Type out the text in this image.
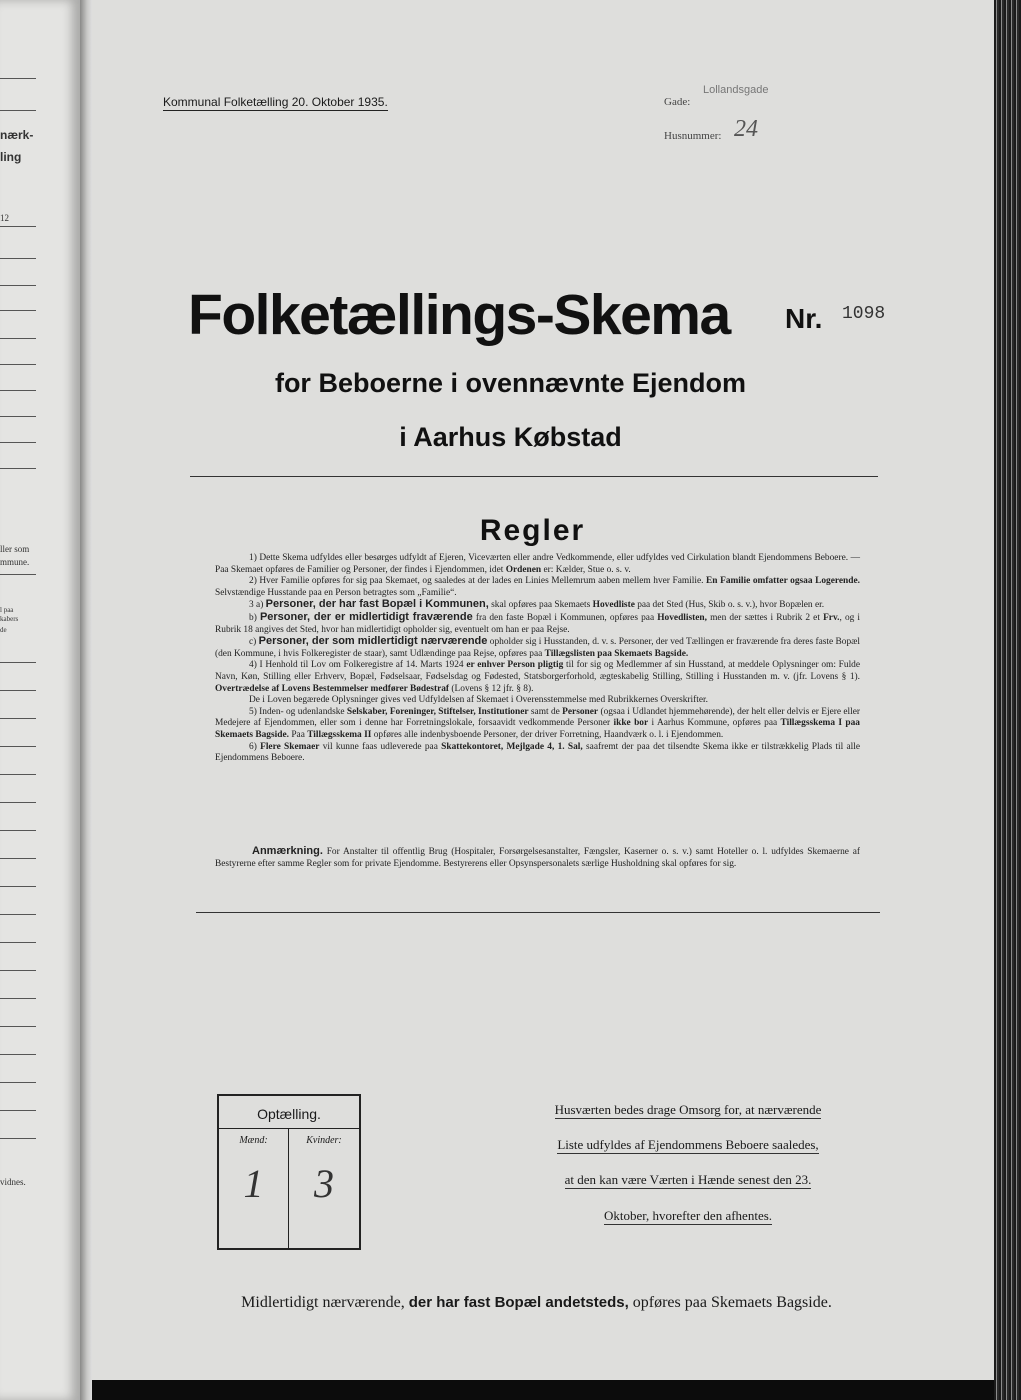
nærk-
ling
12
ller som
mmune.
l paa
kabers
de
vidnes.
Kommunal Folketælling 20. Oktober 1935.	Gade:
Lollandsgade
Husnummer: 24
Folketællings-Skema Nr. 1098
for Beboerne i ovennævnte Ejendom
i Aarhus Købstad
Regler

1) Dette Skema udfyldes eller besørges udfyldt af Ejeren, Viceværten eller andre Vedkommende, eller udfyldes ved Cirkulation blandt Ejendommens Beboere. — Paa Skemaet opføres de Familier og Personer, der findes i Ejendommen, idet Ordenen er: Kælder, Stue o. s. v.

2) Hver Familie opføres for sig paa Skemaet, og saaledes at der lades en Linies Mellemrum aaben mellem hver Familie. En Familie omfatter ogsaa Logerende. Selvstændige Husstande paa en Person betragtes som „Familie“.

3 a) Personer, der har fast Bopæl i Kommunen, skal opføres paa Skemaets Hovedliste paa det Sted (Hus, Skib o. s. v.), hvor Bopælen er.

b) Personer, der er midlertidigt fraværende fra den faste Bopæl i Kommunen, opføres paa Hovedlisten, men der sættes i Rubrik 2 et Frv., og i Rubrik 18 angives det Sted, hvor han midlertidigt opholder sig, eventuelt om han er paa Rejse.

c) Personer, der som midlertidigt nærværende opholder sig i Husstanden, d. v. s. Personer, der ved Tællingen er fraværende fra deres faste Bopæl (den Kommune, i hvis Folkeregister de staar), samt Udlændinge paa Rejse, opføres paa Tillægslisten paa Skemaets Bagside.

4) I Henhold til Lov om Folkeregistre af 14. Marts 1924 er enhver Person pligtig til for sig og Medlemmer af sin Husstand, at meddele Oplysninger om: Fulde Navn, Køn, Stilling eller Erhverv, Bopæl, Fødselsaar, Fødselsdag og Fødested, Statsborgerforhold, ægteskabelig Stilling, Stilling i Husstanden m. v. (jfr. Lovens § 1). Overtrædelse af Lovens Bestemmelser medfører Bødestraf (Lovens § 12 jfr. § 8).

De i Loven begærede Oplysninger gives ved Udfyldelsen af Skemaet i Overensstemmelse med Rubrikkernes Overskrifter.

5) Inden- og udenlandske Selskaber, Foreninger, Stiftelser, Institutioner samt de Personer (ogsaa i Udlandet hjemmehørende), der helt eller delvis er Ejere eller Medejere af Ejendommen, eller som i denne har Forretningslokale, forsaavidt vedkommende Personer ikke bor i Aarhus Kommune, opføres paa Tillægsskema I paa Skemaets Bagside. Paa Tillægsskema II opføres alle indenbysboende Personer, der driver Forretning, Haandværk o. l. i Ejendommen.

6) Flere Skemaer vil kunne faas udleverede paa Skattekontoret, Mejlgade 4, 1. Sal, saafremt der paa det tilsendte Skema ikke er tilstrækkelig Plads til alle Ejendommens Beboere.

Anmærkning. For Anstalter til offentlig Brug (Hospitaler, Forsørgelsesanstalter, Fængsler, Kaserner o. s. v.) samt Hoteller o. l. udfyldes Skemaerne af Bestyrerne efter samme Regler som for private Ejendomme. Bestyrerens eller Opsynspersonalets særlige Husholdning skal opføres for sig.

Optælling.
Mænd:
1
Kvinder:
3
Husværten bedes drage Omsorg for, at nærværende
Liste udfyldes af Ejendommens Beboere saaledes,
at den kan være Værten i Hænde senest den 23.
Oktober, hvorefter den afhentes.
Midlertidigt nærværende, der har fast Bopæl andetsteds, opføres paa Skemaets Bagside.
